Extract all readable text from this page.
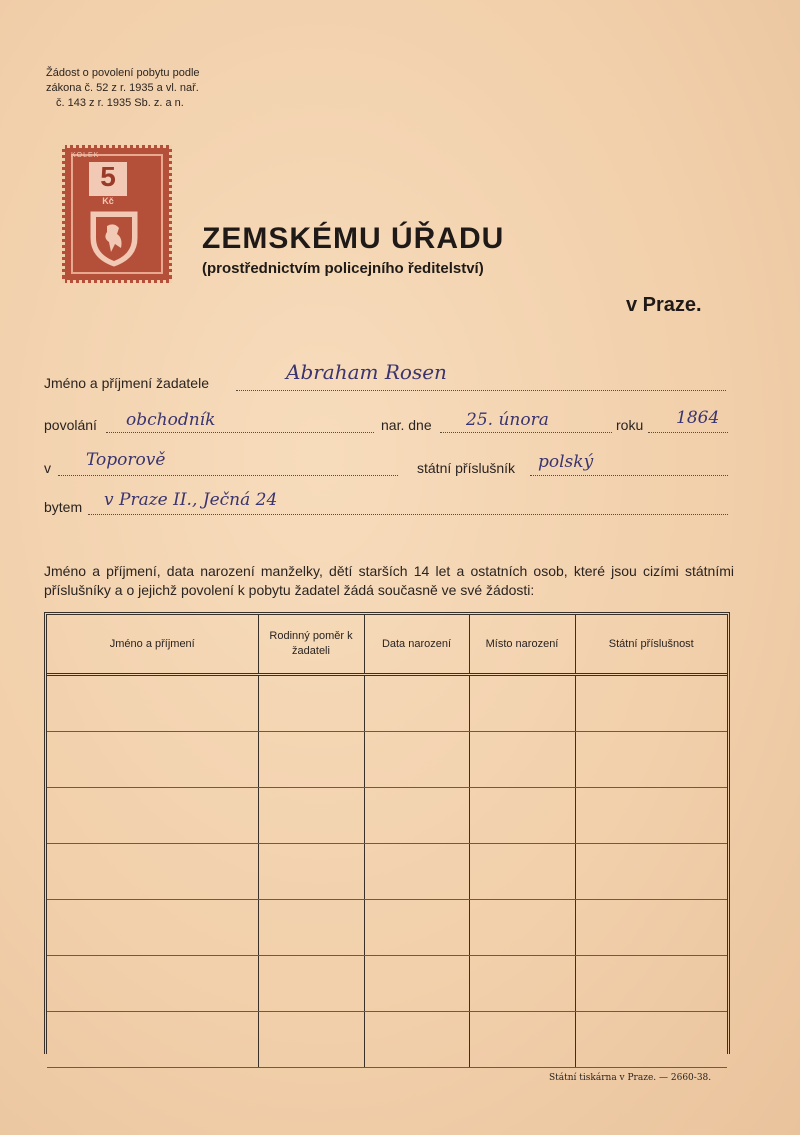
Žádost o povolení pobytu podle
zákona č. 52 z r. 1935 a vl. nař.
č. 143 z r. 1935 Sb. z. a n.
KOLEK
5
Kč
ZEMSKÉMU ÚŘADU
(prostřednictvím policejního ředitelství)
v Praze.
Jméno a příjmení žadatele	Abraham Rosen
povolání obchodník	nar. dne 25. února	roku 1864
v Toporově	státní příslušník polský
bytem v Praze II., Ječná 24
Jméno a příjmení, data narození manželky, dětí starších 14 let a ostatních osob, které jsou cizími státními příslušníky a o jejichž povolení k pobytu žadatel žádá současně ve své žádosti:
Jméno a příjmení	Rodinný poměr k žadateli	Data narození	Místo narození	Státní příslušnost

Státní tiskárna v Praze. — 2660-38.
